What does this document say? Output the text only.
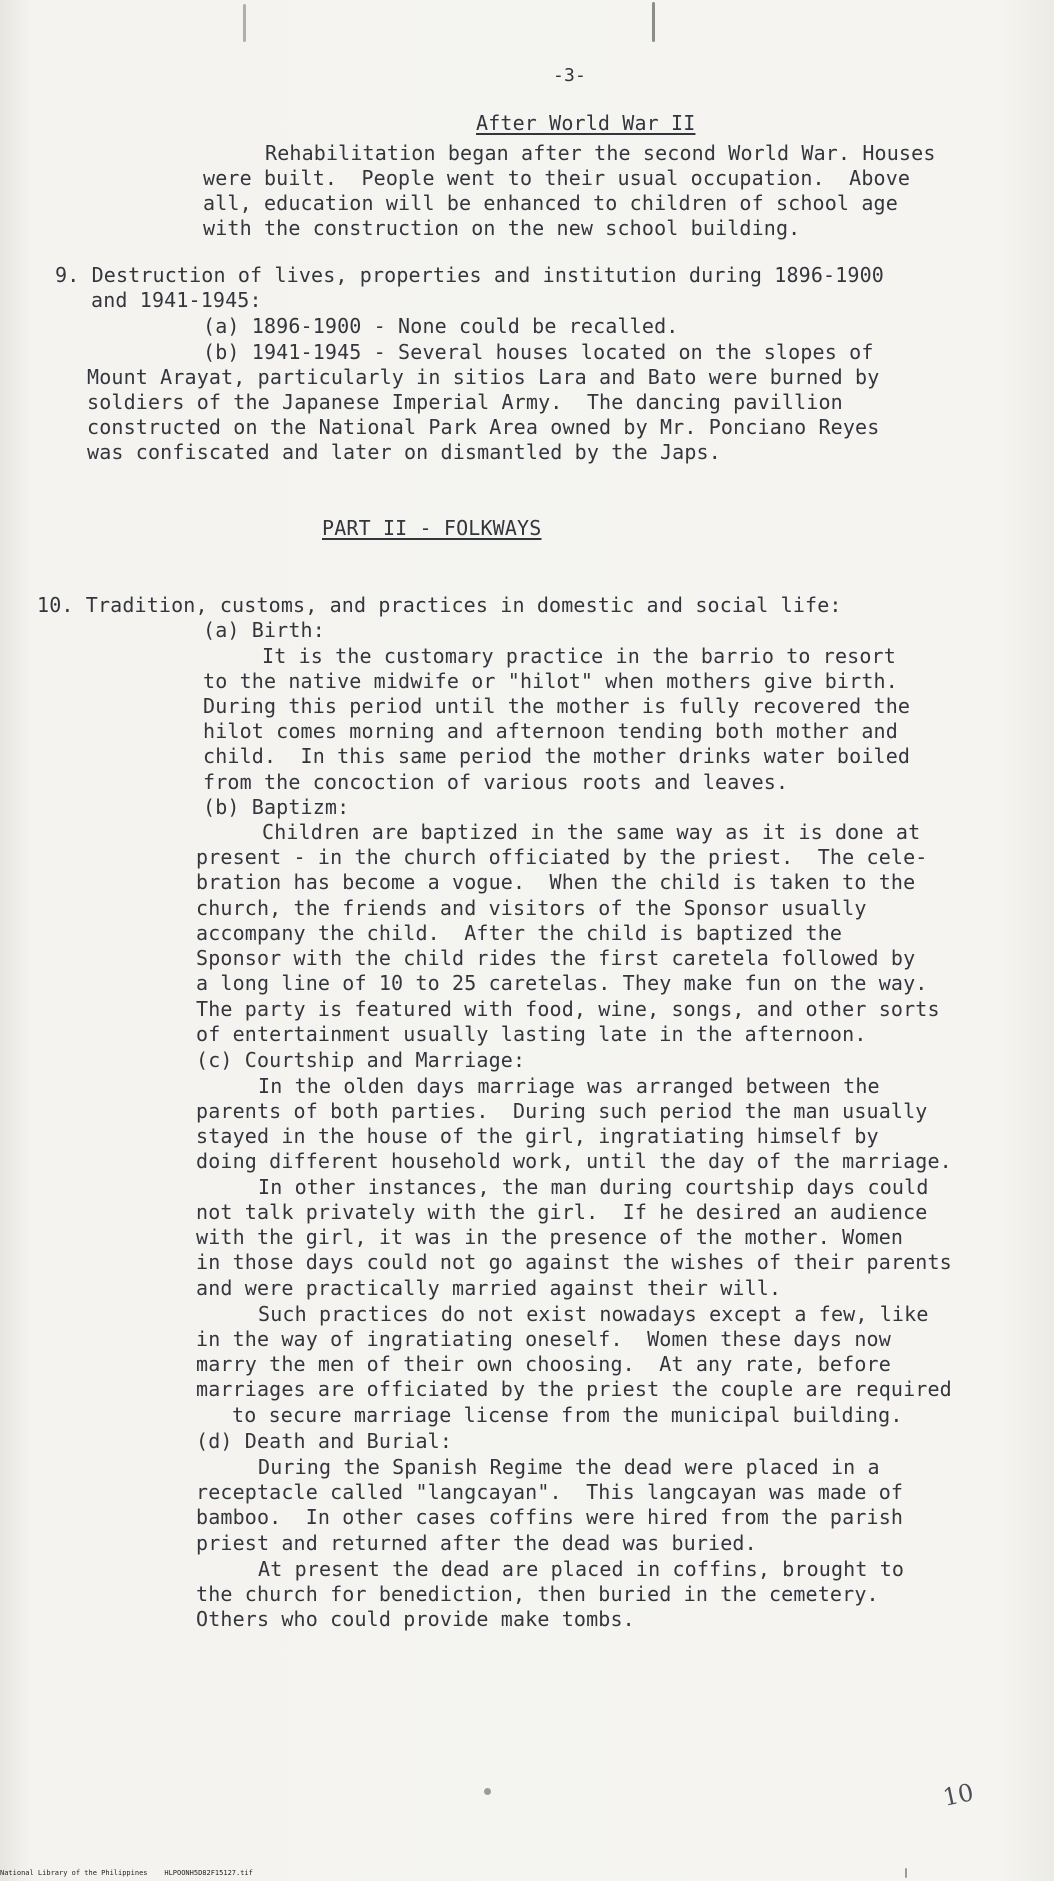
-3-
After World War II
Rehabilitation began after the second World War. Houses
were built.  People went to their usual occupation.  Above
all, education will be enhanced to children of school age
with the construction on the new school building.
9. Destruction of lives, properties and institution during 1896-1900
and 1941-1945:
(a) 1896-1900 - None could be recalled.
(b) 1941-1945 - Several houses located on the slopes of
Mount Arayat, particularly in sitios Lara and Bato were burned by
soldiers of the Japanese Imperial Army.  The dancing pavillion
constructed on the National Park Area owned by Mr. Ponciano Reyes
was confiscated and later on dismantled by the Japs.
PART II - FOLKWAYS
10. Tradition, customs, and practices in domestic and social life:
(a) Birth:
It is the customary practice in the barrio to resort
to the native midwife or "hilot" when mothers give birth.
During this period until the mother is fully recovered the
hilot comes morning and afternoon tending both mother and
child.  In this same period the mother drinks water boiled
from the concoction of various roots and leaves.
(b) Baptizm:
Children are baptized in the same way as it is done at
present - in the church officiated by the priest.  The cele-
bration has become a vogue.  When the child is taken to the
church, the friends and visitors of the Sponsor usually
accompany the child.  After the child is baptized the
Sponsor with the child rides the first caretela followed by
a long line of 10 to 25 caretelas. They make fun on the way.
The party is featured with food, wine, songs, and other sorts
of entertainment usually lasting late in the afternoon.
(c) Courtship and Marriage:
In the olden days marriage was arranged between the
parents of both parties.  During such period the man usually
stayed in the house of the girl, ingratiating himself by
doing different household work, until the day of the marriage.
In other instances, the man during courtship days could
not talk privately with the girl.  If he desired an audience
with the girl, it was in the presence of the mother. Women
in those days could not go against the wishes of their parents
and were practically married against their will.
Such practices do not exist nowadays except a few, like
in the way of ingratiating oneself.  Women these days now
marry the men of their own choosing.  At any rate, before
marriages are officiated by the priest the couple are required
to secure marriage license from the municipal building.
(d) Death and Burial:
During the Spanish Regime the dead were placed in a
receptacle called "langcayan".  This langcayan was made of
bamboo.  In other cases coffins were hired from the parish
priest and returned after the dead was buried.
At present the dead are placed in coffins, brought to
the church for benediction, then buried in the cemetery.
Others who could provide make tombs.
10
National Library of the Philippines    HLPOONH5D82F15127.tif
